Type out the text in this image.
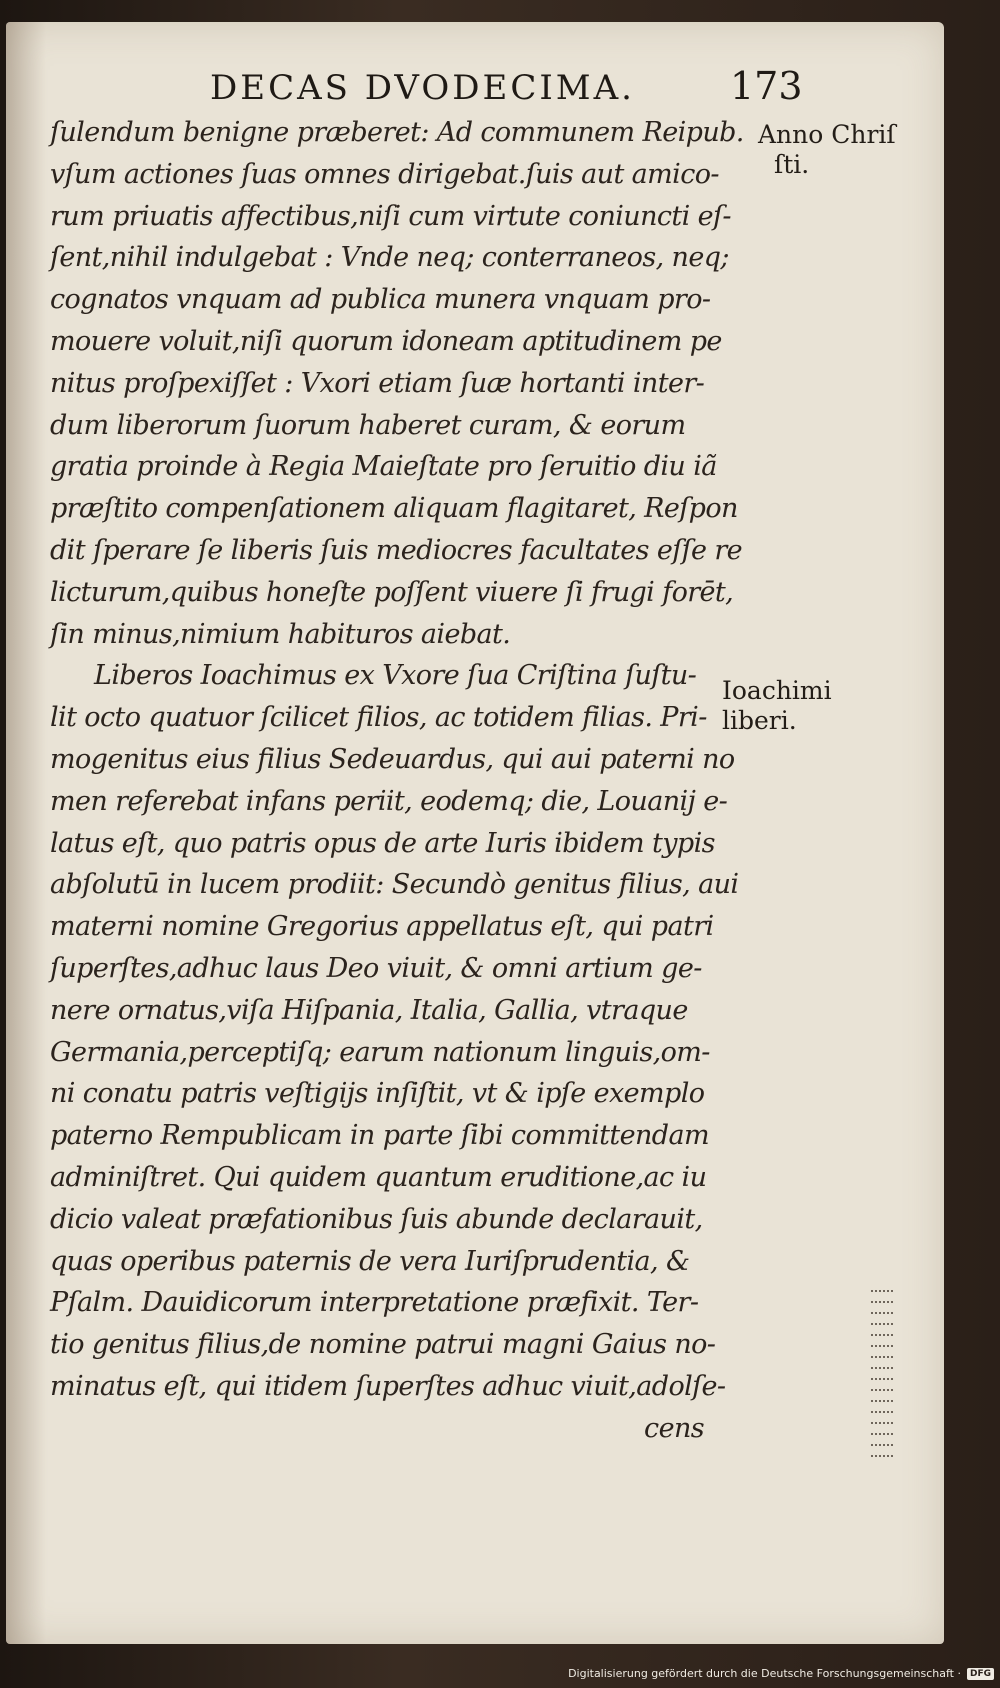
DECAS DVODECIMA.	173
ſulendum benigne præberet: Ad communem Reipub.
vſum actiones ſuas omnes dirigebat.ſuis aut amico-
rum priuatis affectibus,niſi cum virtute coniuncti eſ-
ſent,nihil indulgebat : Vnde neq; conterraneos, neq;
cognatos vnquam ad publica munera vnquam pro-
mouere voluit,niſi quorum idoneam aptitudinem pe
nitus proſpexiſſet : Vxori etiam ſuæ hortanti inter-
dum liberorum ſuorum haberet curam, & eorum
gratia proinde à Regia Maieſtate pro ſeruitio diu iã
præſtito compenſationem aliquam flagitaret, Reſpon
dit ſperare ſe liberis ſuis mediocres facultates eſſe re
licturum,quibus honeſte poſſent viuere ſi frugi forēt,
ſin minus,nimium habituros aiebat.
Liberos Ioachimus ex Vxore ſua Criſtina ſuſtu-
lit octo quatuor ſcilicet filios, ac totidem filias. Pri-
mogenitus eius filius Sedeuardus, qui aui paterni no
men referebat infans periit, eodemq; die, Louanij e-
latus eſt, quo patris opus de arte Iuris ibidem typis
abſolutū in lucem prodiit: Secundò genitus filius, aui
materni nomine Gregorius appellatus eſt, qui patri
ſuperſtes,adhuc laus Deo viuit, & omni artium ge-
nere ornatus,viſa Hiſpania, Italia, Gallia, vtraque
Germania,perceptiſq; earum nationum linguis,om-
ni conatu patris veſtigijs inſiſtit, vt & ipſe exemplo
paterno Rempublicam in parte ſibi committendam
adminiſtret. Qui quidem quantum eruditione,ac iu
dicio valeat præfationibus ſuis abunde declarauit,
quas operibus paternis de vera Iuriſprudentia, &
Pſalm. Dauidicorum interpretatione præfixit. Ter-
tio genitus filius,de nomine patrui magni Gaius no-
minatus eſt, qui itidem ſuperſtes adhuc viuit,adolſe-
cens
Anno Chriſ
ſti.
Ioachimi
liberi.
Digitalisierung gefördert durch die Deutsche Forschungsgemeinschaft ·	DFG
